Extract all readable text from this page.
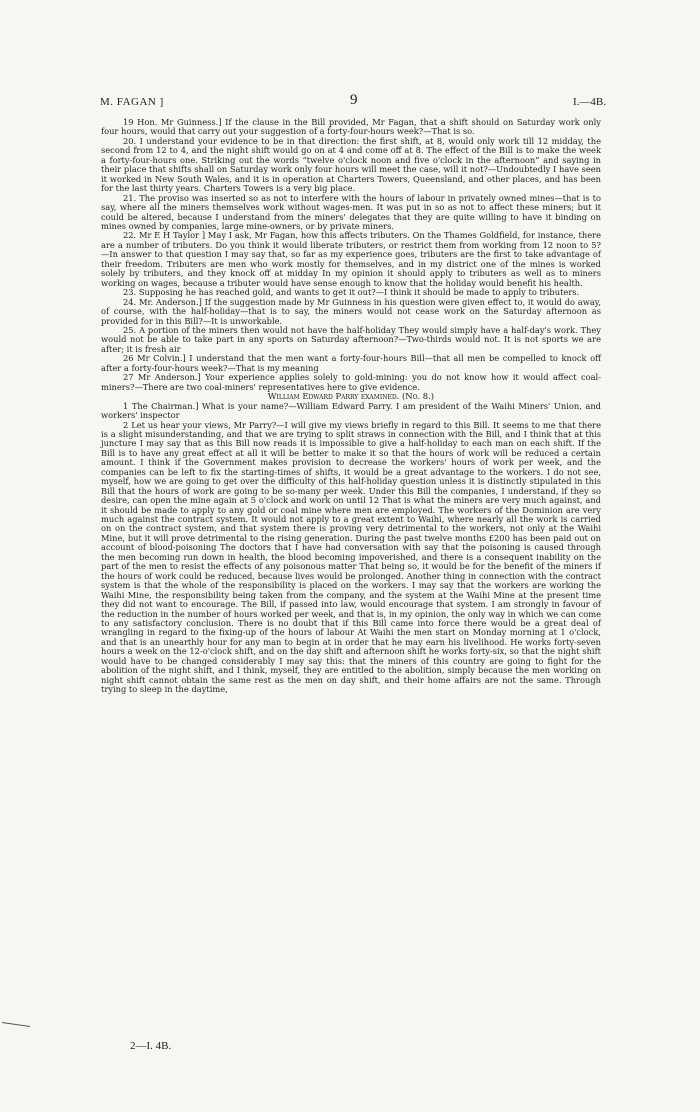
M. FAGAN ]	9	I.—4B.

19 Hon. Mr Guinness.] If the clause in the Bill provided, Mr Fagan, that a shift should on Saturday work only four hours, would that carry out your suggestion of a forty-four-hours week?—That is so.

20. I understand your evidence to be in that direction: the first shift, at 8, would only work till 12 midday, the second from 12 to 4, and the night shift would go on at 4 and come off at 8. The effect of the Bill is to make the week a forty-four-hours one. Striking out the words “twelve o'clock noon and five o'clock in the afternoon” and saying in their place that shifts shall on Saturday work only four hours will meet the case, will it not?—Undoubtedly I have seen it worked in New South Wales, and it is in operation at Charters Towers, Queensland, and other places, and has been for the last thirty years. Charters Towers is a very big place.

21. The proviso was inserted so as not to interfere with the hours of labour in privately owned mines—that is to say, where all the miners themselves work without wages-men. It was put in so as not to affect these miners; but it could be altered, because I understand from the miners' delegates that they are quite willing to have it binding on mines owned by companies, large mine-owners, or by private miners.

22. Mr E H Taylor ] May I ask, Mr Fagan, how this affects tributers. On the Thames Goldfield, for instance, there are a number of tributers. Do you think it would liberate tributers, or restrict them from working from 12 noon to 5?—In answer to that question I may say that, so far as my experience goes, tributers are the first to take advantage of their freedom. Tributers are men who work mostly for themselves, and in my district one of the mines is worked solely by tributers, and they knock off at midday In my opinion it should apply to tributers as well as to miners working on wages, because a tributer would have sense enough to know that the holiday would benefit his health.

23. Supposing he has reached gold, and wants to get it out?—I think it should be made to apply to tributers.

24. Mr. Anderson.] If the suggestion made by Mr Guinness in his question were given effect to, it would do away, of course, with the half-holiday—that is to say, the miners would not cease work on the Saturday afternoon as provided for in this Bill?—It is unworkable.

25. A portion of the miners then would not have the half-holiday They would simply have a half-day's work. They would not be able to take part in any sports on Saturday afternoon?—Two-thirds would not. It is not sports we are after; it is fresh air

26 Mr Colvin.] I understand that the men want a forty-four-hours Bill—that all men be compelled to knock off after a forty-four-hours week?—That is my meaning

27 Mr Anderson.] Your experience applies solely to gold-mining: you do not know how it would affect coal-miners?—There are two coal-miners' representatives here to give evidence.

William Edward Parry examined. (No. 8.)

1 The Chairman.] What is your name?—William Edward Parry. I am president of the Waihi Miners' Union, and workers' inspector

2 Let us hear your views, Mr Parry?—I will give my views briefly in regard to this Bill. It seems to me that there is a slight misunderstanding, and that we are trying to split straws in connection with the Bill, and I think that at this juncture I may say that as this Bill now reads it is impossible to give a half-holiday to each man on each shift. If the Bill is to have any great effect at all it will be better to make it so that the hours of work will be reduced a certain amount. I think if the Government makes provision to decrease the workers' hours of work per week, and the companies can be left to fix the starting-times of shifts, it would be a great advantage to the workers. I do not see, myself, how we are going to get over the difficulty of this half-holiday question unless it is distinctly stipulated in this Bill that the hours of work are going to be so-many per week. Under this Bill the companies, I understand, if they so desire, can open the mine again at 5 o'clock and work on until 12 That is what the miners are very much against, and it should be made to apply to any gold or coal mine where men are employed. The workers of the Dominion are very much against the contract system. It would not apply to a great extent to Waihi, where nearly all the work is carried on on the contract system, and that system there is proving very detrimental to the workers, not only at the Waihi Mine, but it will prove detrimental to the rising generation. During the past twelve months £200 has been paid out on account of blood-poisoning The doctors that I have had conversation with say that the poisoning is caused through the men becoming run down in health, the blood becoming impoverished, and there is a consequent inability on the part of the men to resist the effects of any poisonous matter That being so, it would be for the benefit of the miners if the hours of work could be reduced, because lives would be prolonged. Another thing in connection with the contract system is that the whole of the responsibility is placed on the workers. I may say that the workers are working the Waihi Mine, the responsibility being taken from the company, and the system at the Waihi Mine at the present time they did not want to encourage. The Bill, if passed into law, would encourage that system. I am strongly in favour of the reduction in the number of hours worked per week, and that is, in my opinion, the only way in which we can come to any satisfactory conclusion. There is no doubt that if this Bill came into force there would be a great deal of wrangling in regard to the fixing-up of the hours of labour At Waihi the men start on Monday morning at 1 o'clock, and that is an unearthly hour for any man to begin at in order that he may earn his livelihood. He works forty-seven hours a week on the 12-o'clock shift, and on the day shift and afternoon shift he works forty-six, so that the night shift would have to be changed considerably I may say this: that the miners of this country are going to fight for the abolition of the night shift, and I think, myself, they are entitled to the abolition, simply because the men working on night shift cannot obtain the same rest as the men on day shift, and their home affairs are not the same. Through trying to sleep in the daytime,

2—I. 4B.
